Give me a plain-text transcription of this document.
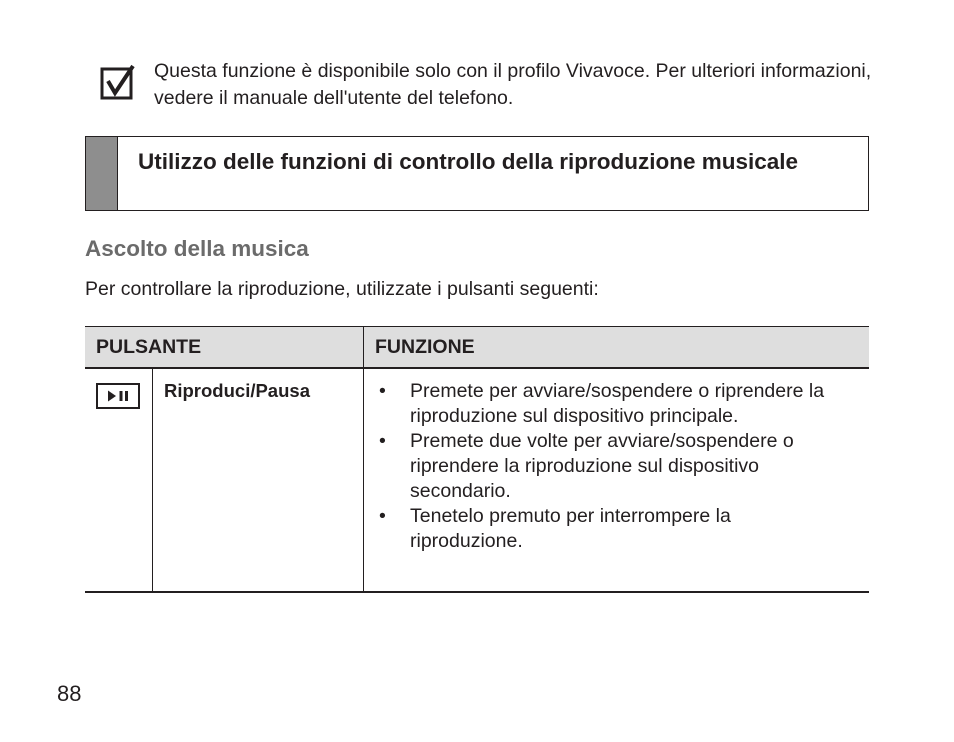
Questa funzione è disponibile solo con il profilo Vivavoce. Per ulteriori informazioni, vedere il manuale dell'utente del telefono.
Utilizzo delle funzioni di controllo della riproduzione musicale
Ascolto della musica
Per controllare la riproduzione, utilizzate i pulsanti seguenti:
PULSANTE	FUNZIONE
Riproduci/Pausa	• Premete per avviare/sospendere o riprendere la riproduzione sul dispositivo principale.
• Premete due volte per avviare/sospendere o riprendere la riproduzione sul dispositivo secondario.
• Tenetelo premuto per interrompere la riproduzione.
88
